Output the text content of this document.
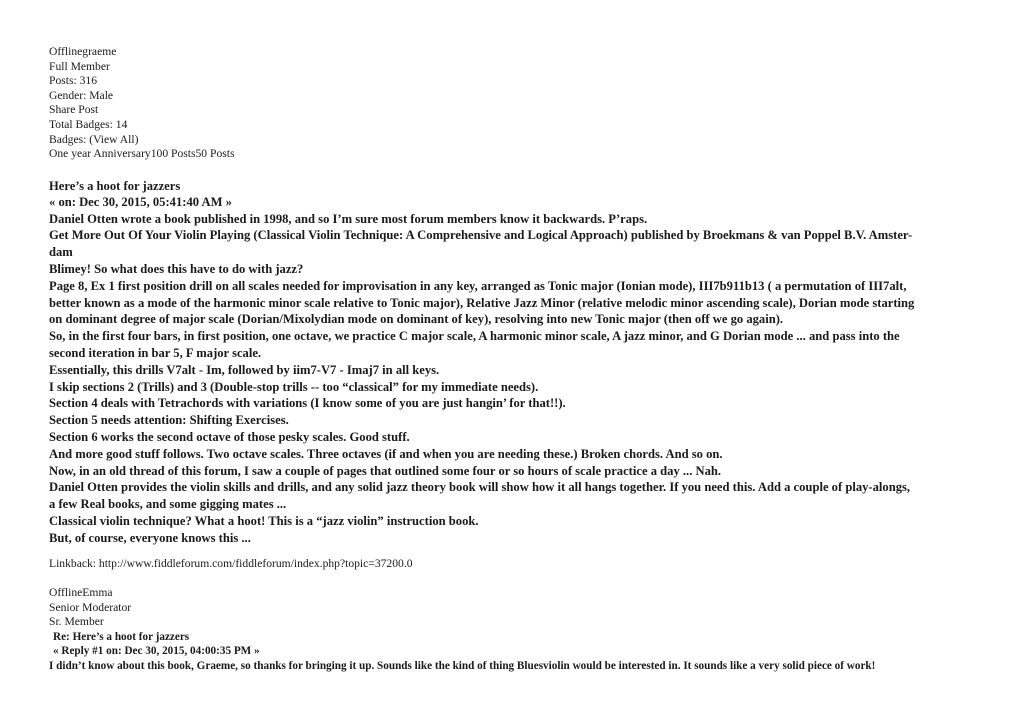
Offlinegraeme
Full Member
Posts: 316
Gender: Male
Share Post
Total Badges: 14
Badges: (View All)
One year Anniversary100 Posts50 Posts
Here’s a hoot for jazzers
« on: Dec 30, 2015, 05:41:40 AM »
Daniel Otten wrote a book published in 1998, and so I’m sure most forum members know it backwards. P’raps.
Get More Out Of Your Violin Playing (Classical Violin Technique: A Comprehensive and Logical Approach) published by Broekmans & van Poppel B.V. Amster-
dam
Blimey! So what does this have to do with jazz?
Page 8, Ex 1 first position drill on all scales needed for improvisation in any key, arranged as Tonic major (Ionian mode), III7b911b13 ( a permutation of III7alt,
better known as a mode of the harmonic minor scale relative to Tonic major), Relative Jazz Minor (relative melodic minor ascending scale), Dorian mode starting
on dominant degree of major scale (Dorian/Mixolydian mode on dominant of key), resolving into new Tonic major (then off we go again).
So, in the first four bars, in first position, one octave, we practice C major scale, A harmonic minor scale, A jazz minor, and G Dorian mode ... and pass into the
second iteration in bar 5, F major scale.
Essentially, this drills V7alt - Im, followed by iim7-V7 - Imaj7 in all keys.
I skip sections 2 (Trills) and 3 (Double-stop trills -- too “classical” for my immediate needs).
Section 4 deals with Tetrachords with variations (I know some of you are just hangin’ for that!!).
Section 5 needs attention: Shifting Exercises.
Section 6 works the second octave of those pesky scales. Good stuff.
And more good stuff follows. Two octave scales. Three octaves (if and when you are needing these.) Broken chords. And so on.
Now, in an old thread of this forum, I saw a couple of pages that outlined some four or so hours of scale practice a day ... Nah.
Daniel Otten provides the violin skills and drills, and any solid jazz theory book will show how it all hangs together. If you need this. Add a couple of play-alongs,
a few Real books, and some gigging mates ...
Classical violin technique? What a hoot! This is a “jazz violin” instruction book.
But, of course, everyone knows this ...
Linkback: http://www.fiddleforum.com/fiddleforum/index.php?topic=37200.0
OfflineEmma
Senior Moderator
Sr. Member
Re: Here’s a hoot for jazzers
« Reply #1 on: Dec 30, 2015, 04:00:35 PM »
I didn’t know about this book, Graeme, so thanks for bringing it up. Sounds like the kind of thing Bluesviolin would be interested in. It sounds like a very solid piece of work!
